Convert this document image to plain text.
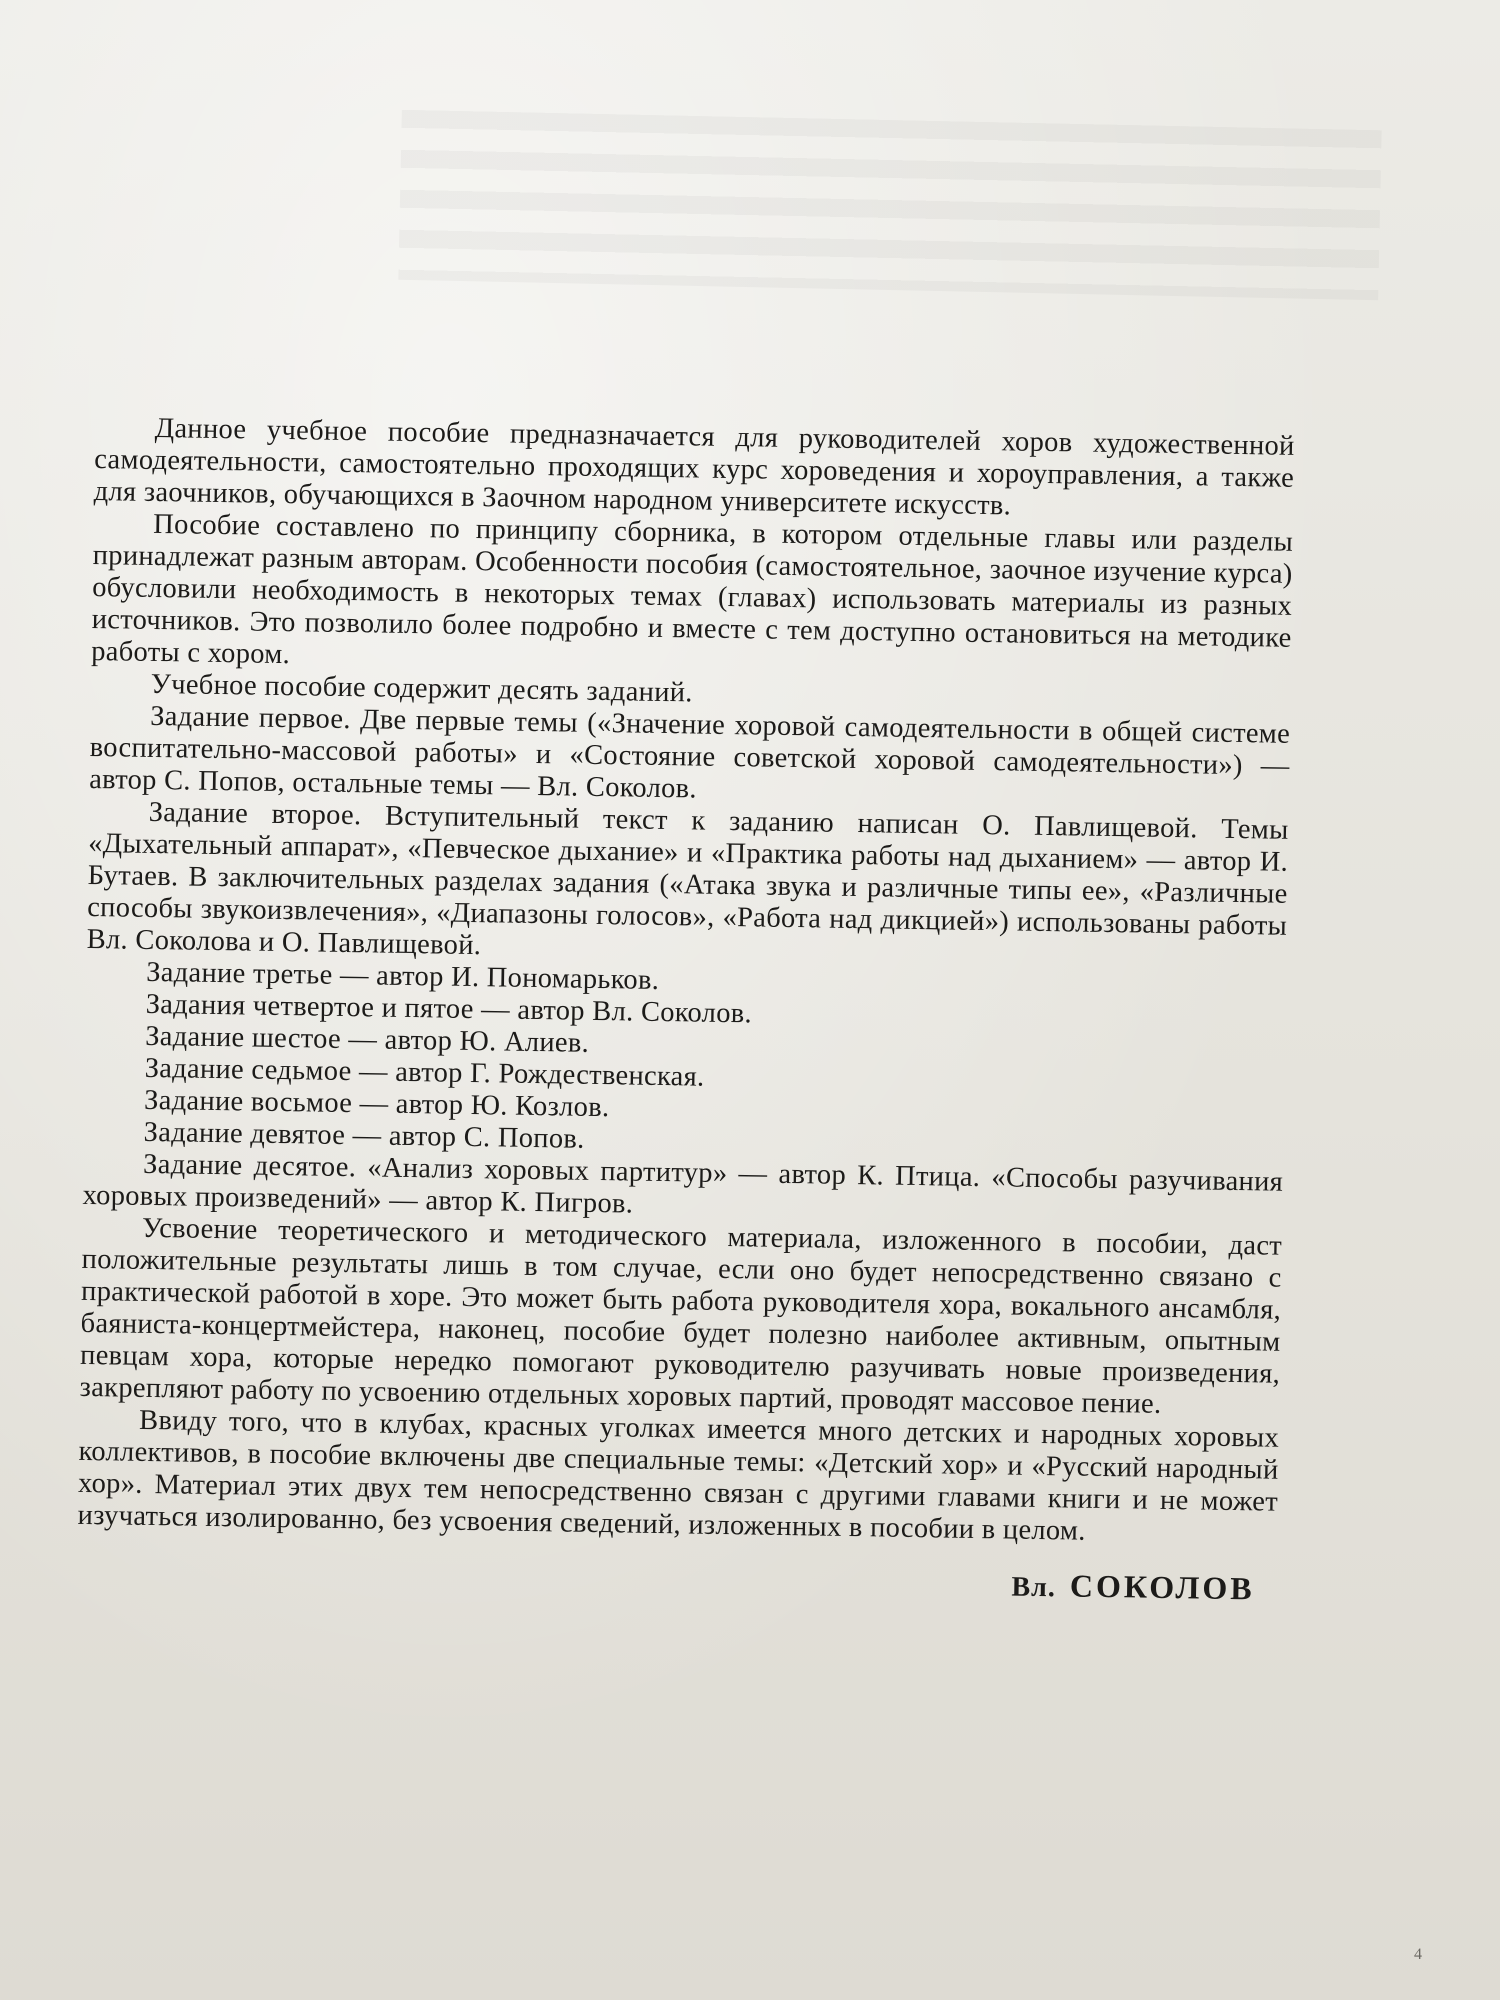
Данное учебное пособие предназначается для руководителей хоров художественной самодеятельности, самостоятельно проходящих курс хороведения и хороуправления, а также для заочников, обучающихся в Заочном народном университете искусств.

Пособие составлено по принципу сборника, в котором отдельные главы или разделы принадлежат разным авторам. Особенности пособия (самостоятельное, заочное изучение курса) обусловили необходимость в некоторых темах (главах) использовать материалы из разных источников. Это позволило более подробно и вместе с тем доступно остановиться на методике работы с хором.

Учебное пособие содержит десять заданий.

Задание первое. Две первые темы («Значение хоровой самодеятельности в общей системе воспитательно-массовой работы» и «Состояние советской хоровой самодеятельности») — автор С. Попов, остальные темы — Вл. Соколов.

Задание второе. Вступительный текст к заданию написан О. Павлищевой. Темы «Дыхательный аппарат», «Певческое дыхание» и «Практика работы над дыханием» — автор И. Бутаев. В заключительных разделах задания («Атака звука и различные типы ее», «Различные способы звукоизвлечения», «Диапазоны голосов», «Работа над дикцией») использованы работы Вл. Соколова и О. Павлищевой.

Задание третье — автор И. Пономарьков.

Задания четвертое и пятое — автор Вл. Соколов.

Задание шестое — автор Ю. Алиев.

Задание седьмое — автор Г. Рождественская.

Задание восьмое — автор Ю. Козлов.

Задание девятое — автор С. Попов.

Задание десятое. «Анализ хоровых партитур» — автор К. Птица. «Способы разучивания хоровых произведений» — автор К. Пигров.

Усвоение теоретического и методического материала, изложенного в пособии, даст положительные результаты лишь в том случае, если оно будет непосредственно связано с практической работой в хоре. Это может быть работа руководителя хора, вокального ансамбля, баяниста-концертмейстера, наконец, пособие будет полезно наиболее активным, опытным певцам хора, которые нередко помогают руководителю разучивать новые произведения, закрепляют работу по усвоению отдельных хоровых партий, проводят массовое пение.

Ввиду того, что в клубах, красных уголках имеется много детских и народных хоровых коллективов, в пособие включены две специальные темы: «Детский хор» и «Русский народный хор». Материал этих двух тем непосредственно связан с другими главами книги и не может изучаться изолированно, без усвоения сведений, изложенных в пособии в целом.

Вл. СОКОЛОВ
4
